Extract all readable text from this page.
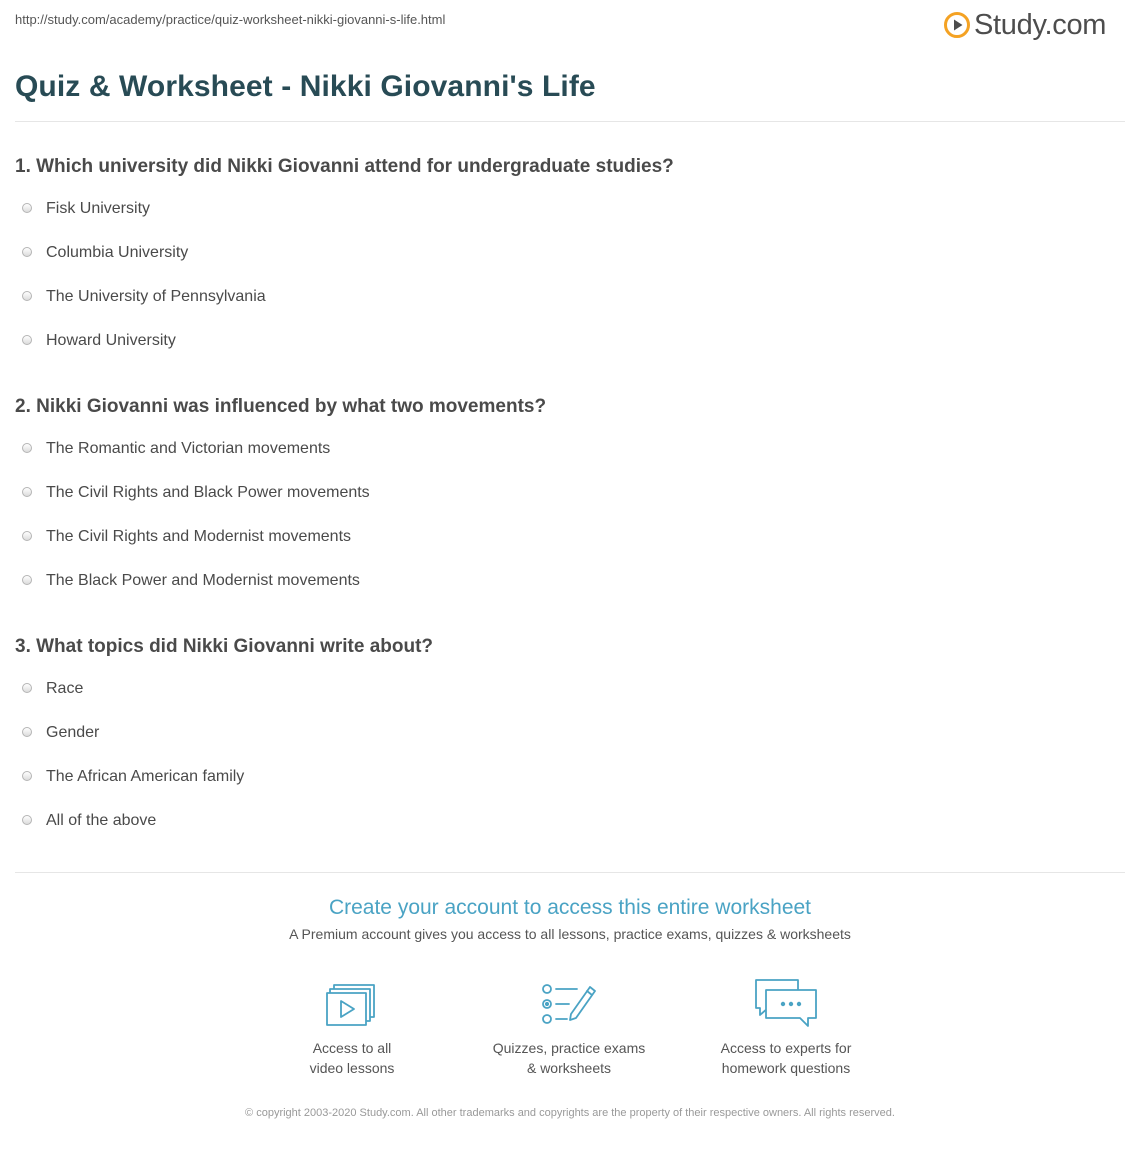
http://study.com/academy/practice/quiz-worksheet-nikki-giovanni-s-life.html	Study.com
Quiz & Worksheet - Nikki Giovanni's Life
1. Which university did Nikki Giovanni attend for undergraduate studies?
Fisk University
Columbia University
The University of Pennsylvania
Howard University
2. Nikki Giovanni was influenced by what two movements?
The Romantic and Victorian movements
The Civil Rights and Black Power movements
The Civil Rights and Modernist movements
The Black Power and Modernist movements
3. What topics did Nikki Giovanni write about?
Race
Gender
The African American family
All of the above
Create your account to access this entire worksheet
A Premium account gives you access to all lessons, practice exams, quizzes & worksheets
Access to all
video lessons
Quizzes, practice exams
& worksheets
Access to experts for
homework questions
© copyright 2003-2020 Study.com. All other trademarks and copyrights are the property of their respective owners. All rights reserved.
